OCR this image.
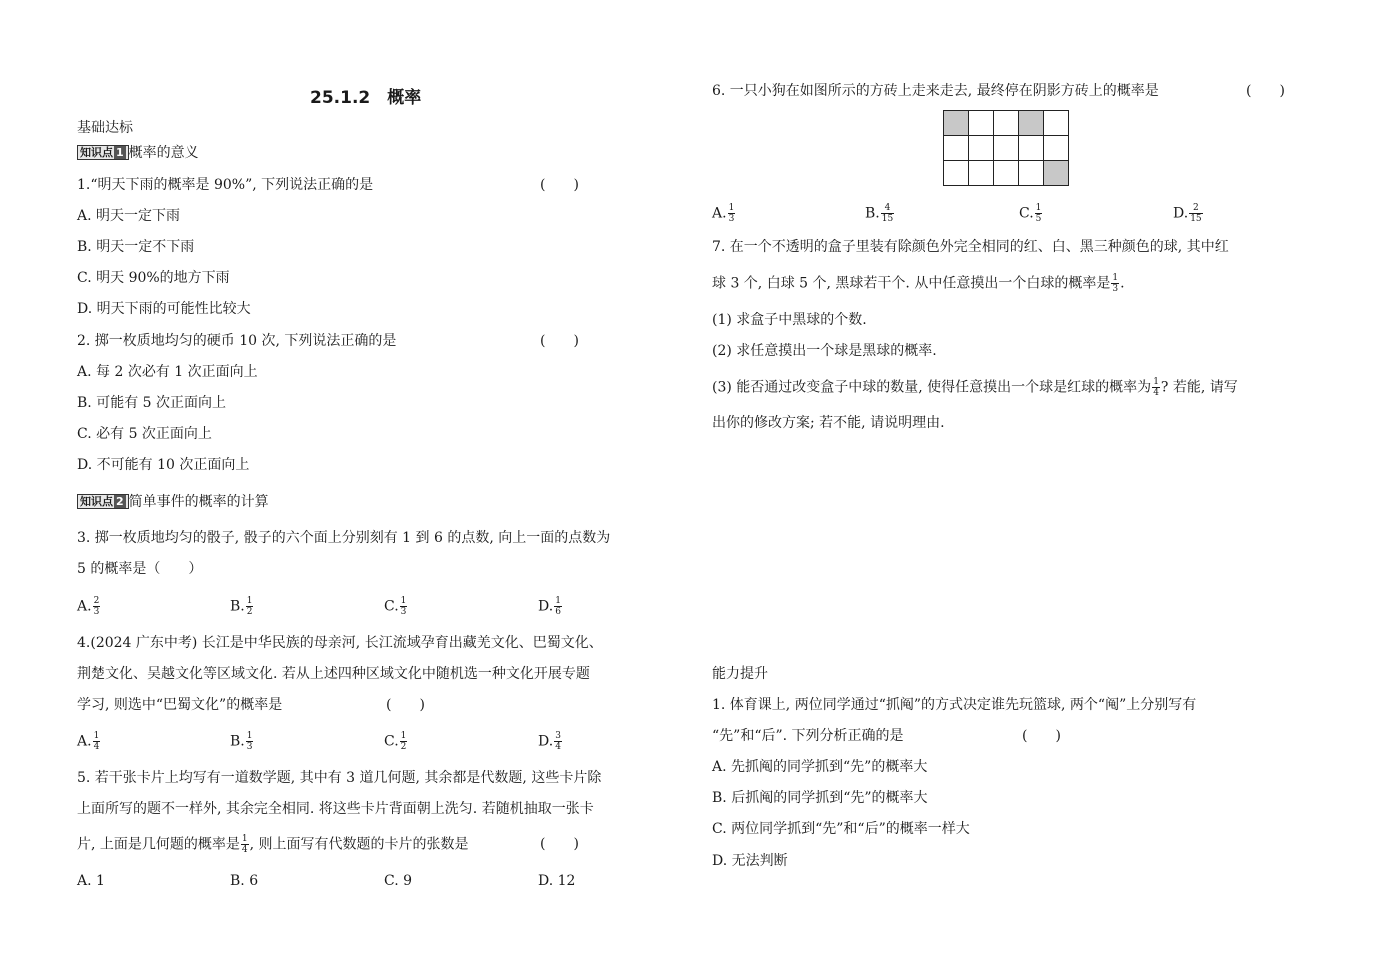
25.1.2　概率
基础达标
知识点 1 概率的意义
1.“明天下雨的概率是 90%”, 下列说法正确的是	(　　)
A. 明天一定下雨
B. 明天一定不下雨
C. 明天 90%的地方下雨
D. 明天下雨的可能性比较大
2. 掷一枚质地均匀的硬币 10 次, 下列说法正确的是	(　　)
A. 每 2 次必有 1 次正面向上
B. 可能有 5 次正面向上
C. 必有 5 次正面向上
D. 不可能有 10 次正面向上
知识点 2 简单事件的概率的计算
3. 掷一枚质地均匀的骰子, 骰子的六个面上分别刻有 1 到 6 的点数, 向上一面的点数为
5 的概率是（　　）
A. $\frac{2}{3}$	B. $\frac{1}{2}$	C. $\frac{1}{3}$	D. $\frac{1}{6}$
4.(2024 广东中考) 长江是中华民族的母亲河, 长江流域孕育出藏羌文化、巴蜀文化、
荆楚文化、吴越文化等区域文化. 若从上述四种区域文化中随机选一种文化开展专题
学习, 则选中“巴蜀文化”的概率是	(　　)
A. $\frac{1}{4}$	B. $\frac{1}{3}$	C. $\frac{1}{2}$	D. $\frac{3}{4}$
5. 若干张卡片上均写有一道数学题, 其中有 3 道几何题, 其余都是代数题, 这些卡片除
上面所写的题不一样外, 其余完全相同. 将这些卡片背面朝上洗匀. 若随机抽取一张卡
片, 上面是几何题的概率是 $\frac{1}{4}$ , 则上面写有代数题的卡片的张数是	(　　)
A. 1	B. 6	C. 9	D. 12
6. 一只小狗在如图所示的方砖上走来走去, 最终停在阴影方砖上的概率是	(　　)

A. $\frac{1}{3}$	B. $\frac{4}{15}$	C. $\frac{1}{5}$	D. $\frac{2}{15}$
7. 在一个不透明的盒子里装有除颜色外完全相同的红、白、黑三种颜色的球, 其中红
球 3 个, 白球 5 个, 黑球若干个. 从中任意摸出一个白球的概率是 $\frac{1}{3}$ .
(1) 求盒子中黑球的个数.
(2) 求任意摸出一个球是黑球的概率.
(3) 能否通过改变盒子中球的数量, 使得任意摸出一个球是红球的概率为 $\frac{1}{4}$ ? 若能, 请写
出你的修改方案; 若不能, 请说明理由.
能力提升
1. 体育课上, 两位同学通过“抓阄”的方式决定谁先玩篮球, 两个“阄”上分别写有
“先”和“后”. 下列分析正确的是	(　　)
A. 先抓阄的同学抓到“先”的概率大
B. 后抓阄的同学抓到“先”的概率大
C. 两位同学抓到“先”和“后”的概率一样大
D. 无法判断
